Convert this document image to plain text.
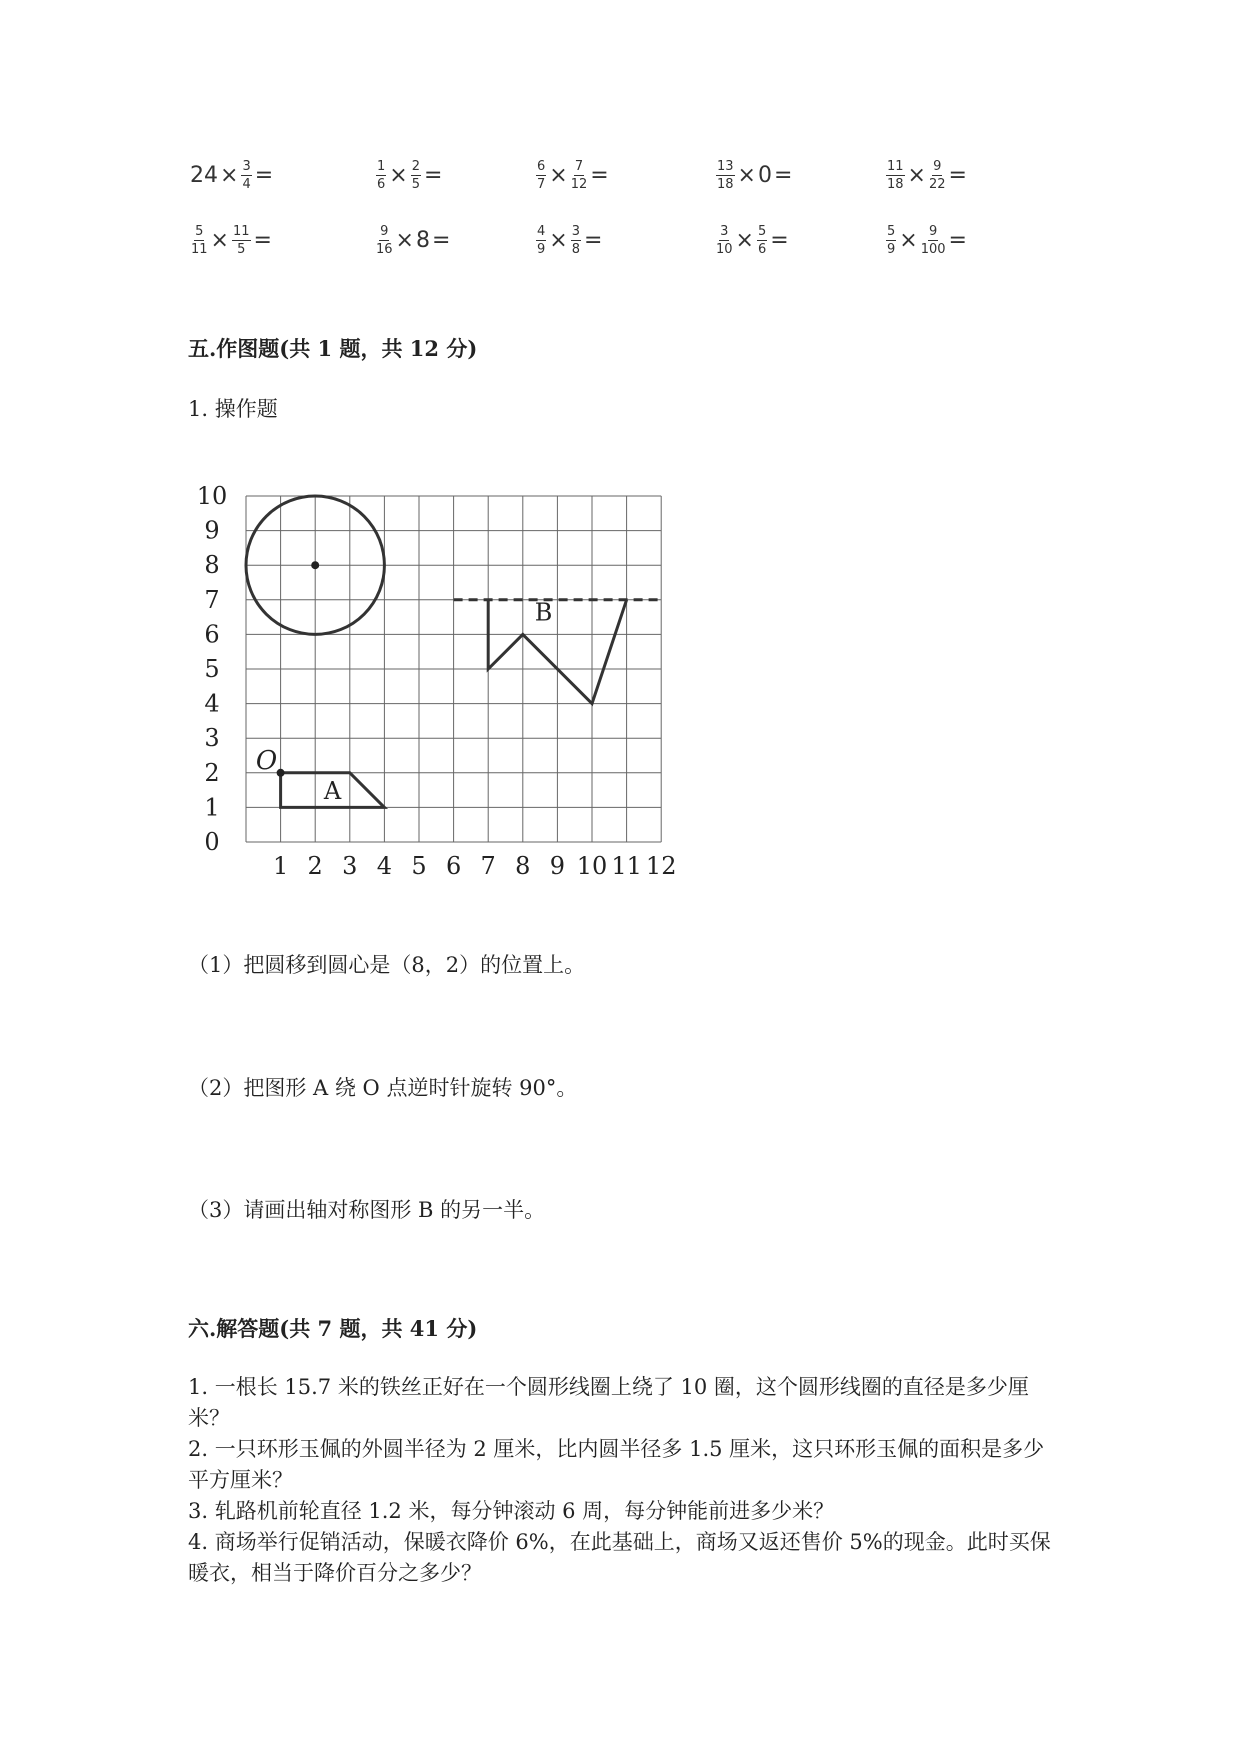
$24 \times \frac{3}{4}$ =	$\frac{1}{6} \times \frac{2}{5}$ =	$\frac{6}{7} \times \frac{7}{12}$ =	$\frac{13}{18} \times 0$ =	$\frac{11}{18} \times \frac{9}{22}$ =
$\frac{5}{11} \times \frac{11}{5}$ =	$\frac{9}{16} \times 8$ =	$\frac{4}{9} \times \frac{3}{8}$ =	$\frac{3}{10} \times \frac{5}{6}$ =	$\frac{5}{9} \times \frac{9}{100}$ =
五.作图题(共 1 题，共 12 分)
1. 操作题
0
1
2
3
4
5
6
7
8
9
10
1 2 3 4 5 6 7 8 9 10 11 12
A
O
B
（1）把圆移到圆心是（8，2）的位置上。
（2）把图形 A 绕 O 点逆时针旋转 90°。
（3）请画出轴对称图形 B 的另一半。
六.解答题(共 7 题，共 41 分)
1. 一根长 15.7 米的铁丝正好在一个圆形线圈上绕了 10 圈，这个圆形线圈的直径是多少厘米？
2. 一只环形玉佩的外圆半径为 2 厘米，比内圆半径多 1.5 厘米，这只环形玉佩的面积是多少平方厘米？
3. 轧路机前轮直径 1.2 米，每分钟滚动 6 周，每分钟能前进多少米？
4. 商场举行促销活动，保暖衣降价 6%，在此基础上，商场又返还售价 5%的现金。此时买保暖衣，相当于降价百分之多少？
